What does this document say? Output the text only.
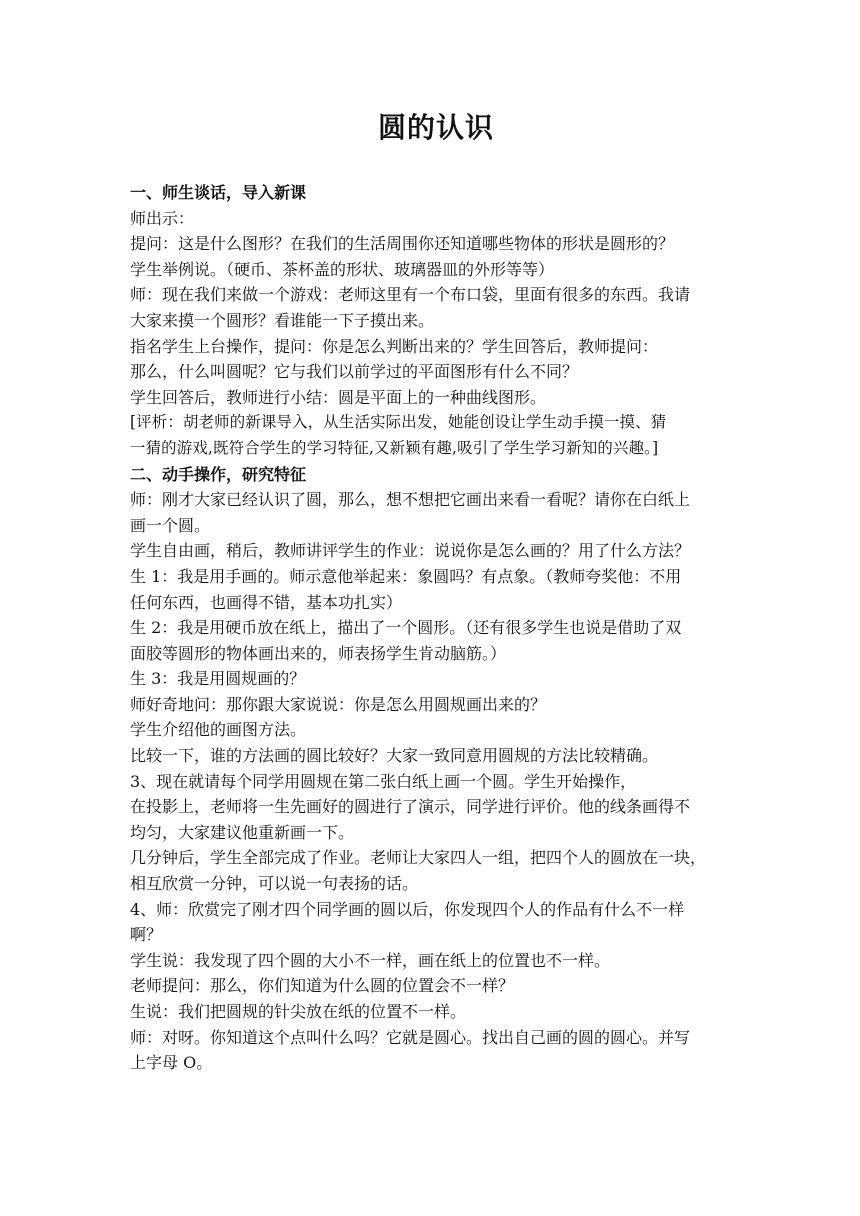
圆的认识

一、师生谈话，导入新课

师出示：

提问：这是什么图形？在我们的生活周围你还知道哪些物体的形状是圆形的？

学生举例说。（硬币、茶杯盖的形状、玻璃器皿的外形等等）

师：现在我们来做一个游戏：老师这里有一个布口袋，里面有很多的东西。我请

大家来摸一个圆形？看谁能一下子摸出来。

指名学生上台操作，提问：你是怎么判断出来的？学生回答后，教师提问：

那么，什么叫圆呢？它与我们以前学过的平面图形有什么不同？

学生回答后，教师进行小结：圆是平面上的一种曲线图形。

[评析：胡老师的新课导入，从生活实际出发，她能创设让学生动手摸一摸、猜

一猜的游戏,既符合学生的学习特征,又新颖有趣,吸引了学生学习新知的兴趣。]

二、动手操作，研究特征

师：刚才大家已经认识了圆，那么，想不想把它画出来看一看呢？请你在白纸上

画一个圆。

学生自由画，稍后，教师讲评学生的作业：说说你是怎么画的？用了什么方法？

生 1：我是用手画的。师示意他举起来：象圆吗？有点象。（教师夸奖他：不用

任何东西，也画得不错，基本功扎实）

生 2：我是用硬币放在纸上，描出了一个圆形。（还有很多学生也说是借助了双

面胶等圆形的物体画出来的，师表扬学生肯动脑筋。）

生 3：我是用圆规画的？

师好奇地问：那你跟大家说说：你是怎么用圆规画出来的？

学生介绍他的画图方法。

比较一下，谁的方法画的圆比较好？大家一致同意用圆规的方法比较精确。

3、现在就请每个同学用圆规在第二张白纸上画一个圆。学生开始操作，

在投影上，老师将一生先画好的圆进行了演示，同学进行评价。他的线条画得不

均匀，大家建议他重新画一下。

几分钟后，学生全部完成了作业。老师让大家四人一组，把四个人的圆放在一块，

相互欣赏一分钟，可以说一句表扬的话。

4、师：欣赏完了刚才四个同学画的圆以后，你发现四个人的作品有什么不一样

啊？

学生说：我发现了四个圆的大小不一样，画在纸上的位置也不一样。

老师提问：那么，你们知道为什么圆的位置会不一样？

生说：我们把圆规的针尖放在纸的位置不一样。

师：对呀。你知道这个点叫什么吗？它就是圆心。找出自己画的圆的圆心。并写

上字母 O。
